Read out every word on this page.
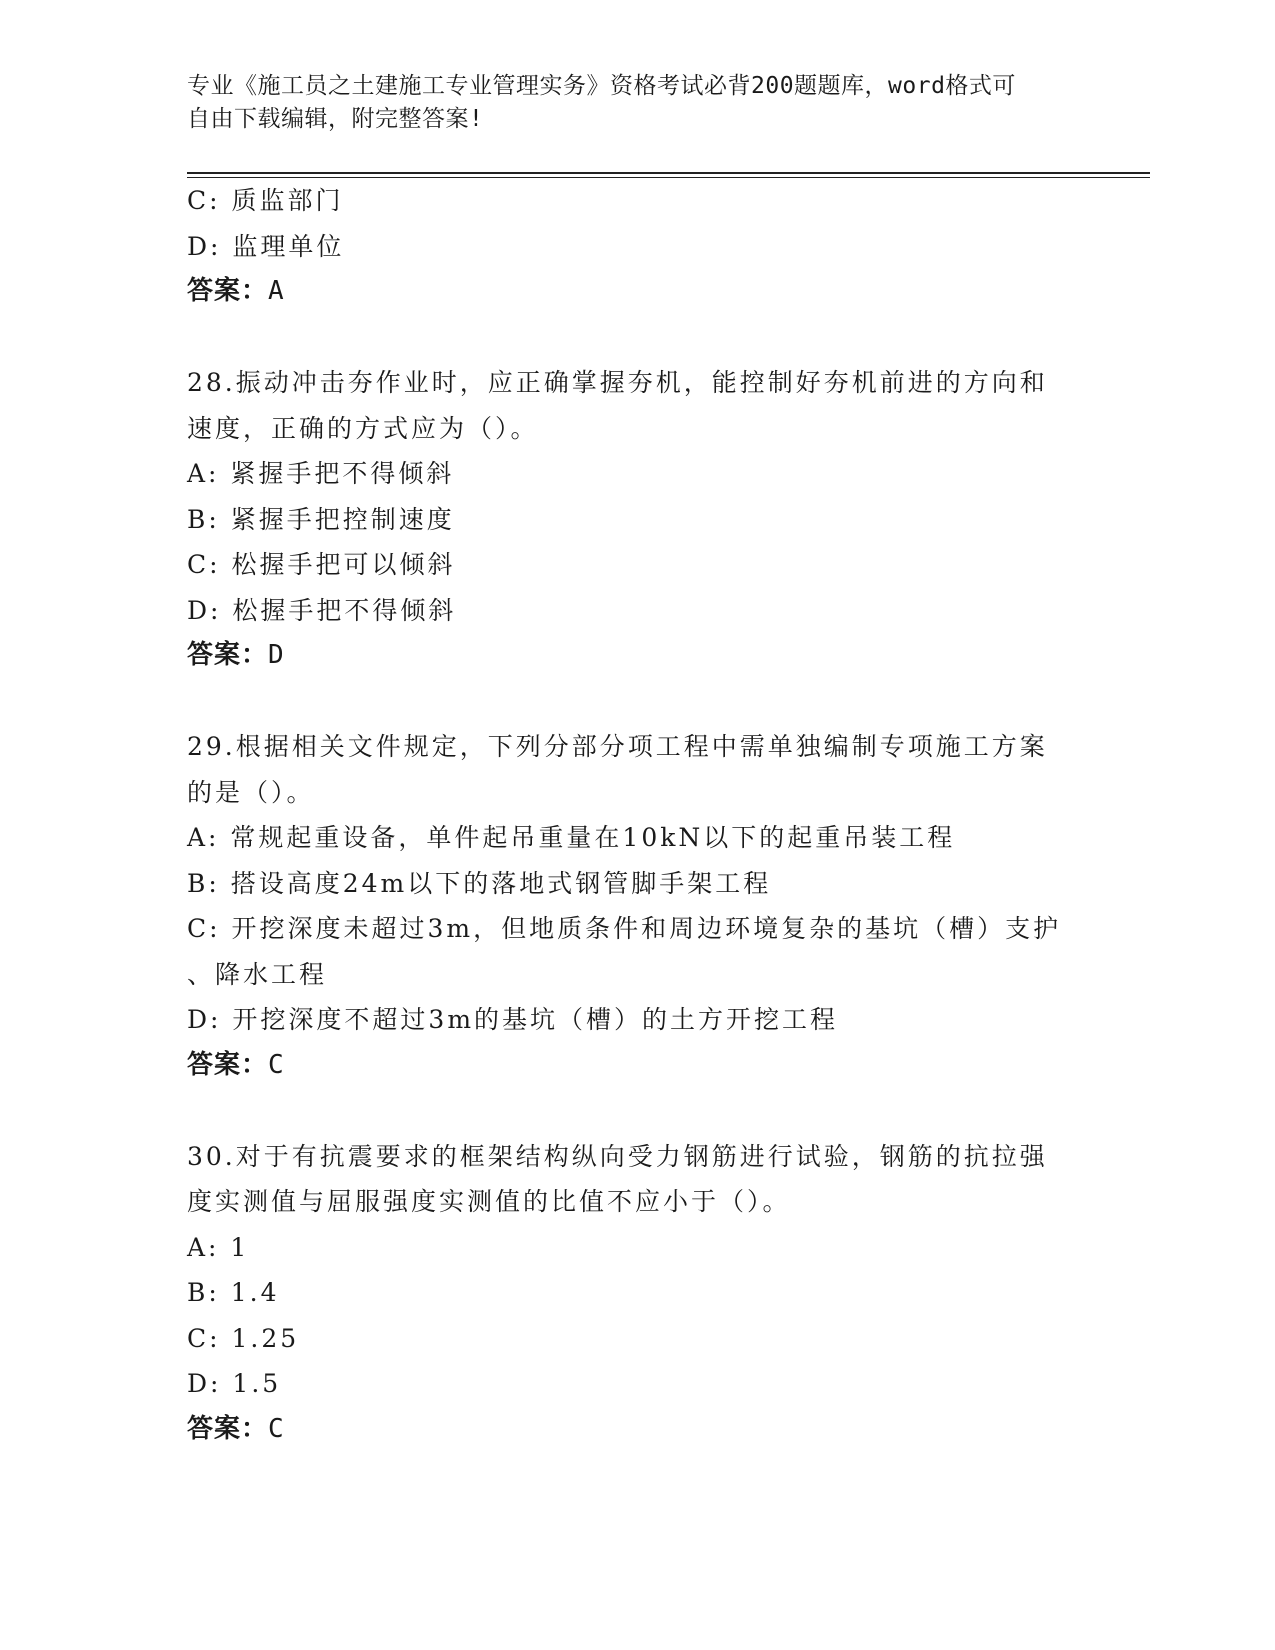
专业《施工员之土建施工专业管理实务》资格考试必背200题题库，word格式可
自由下载编辑，附完整答案!
C: 质监部门
D: 监理单位
答案：A
28.振动冲击夯作业时，应正确掌握夯机，能控制好夯机前进的方向和
速度，正确的方式应为（）。
A: 紧握手把不得倾斜
B: 紧握手把控制速度
C: 松握手把可以倾斜
D: 松握手把不得倾斜
答案：D
29.根据相关文件规定，下列分部分项工程中需单独编制专项施工方案
的是（）。
A: 常规起重设备，单件起吊重量在10kN以下的起重吊装工程
B: 搭设高度24m以下的落地式钢管脚手架工程
C: 开挖深度未超过3m，但地质条件和周边环境复杂的基坑（槽）支护
、降水工程
D: 开挖深度不超过3m的基坑（槽）的土方开挖工程
答案：C
30.对于有抗震要求的框架结构纵向受力钢筋进行试验，钢筋的抗拉强
度实测值与屈服强度实测值的比值不应小于（）。
A: 1
B: 1.4
C: 1.25
D: 1.5
答案：C
